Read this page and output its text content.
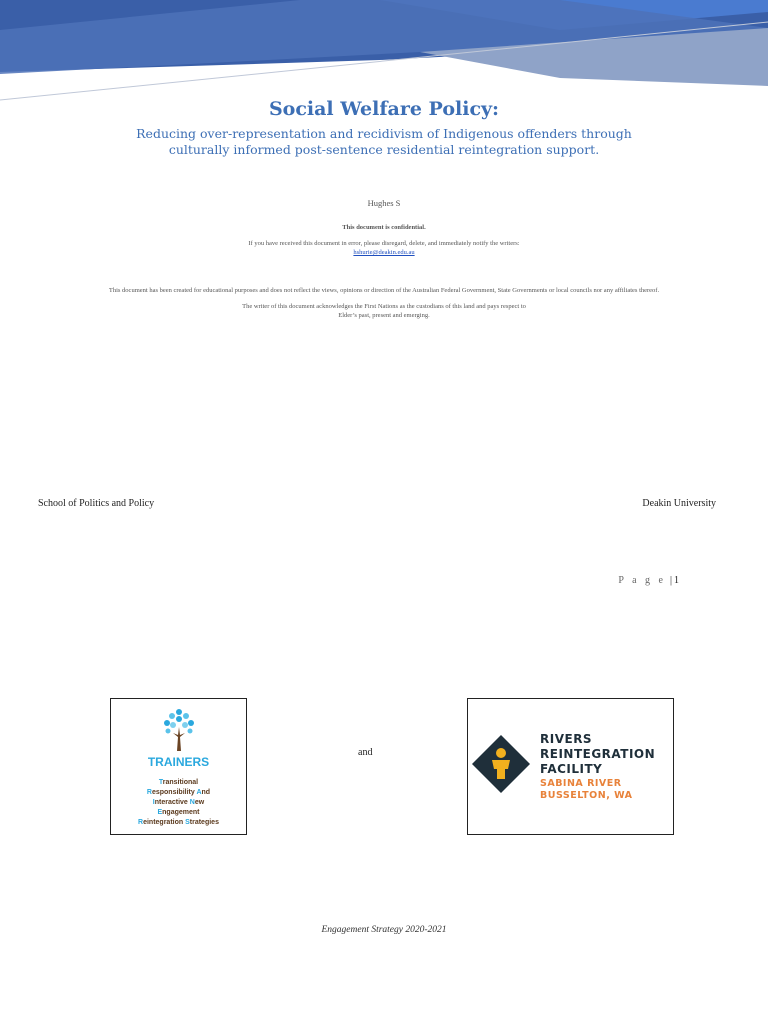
Social Welfare Policy:
Reducing over-representation and recidivism of Indigenous offenders through
culturally informed post-sentence residential reintegration support.
Hughes S
This document is confidential.
If you have received this document in error, please disregard, delete, and immediately notify the writers:
hshurie@deakin.edu.au
This document has been created for educational purposes and does not reflect the views, opinions or direction of the Australian Federal Government, State Governments or local councils nor any affiliates thereof.
The writer of this document acknowledges the First Nations as the custodians of this land and pays respect to
Elder’s past, present and emerging.
School of Politics and Policy	Deakin University
P a g e | 1
TRAINERS
Transitional
Responsibility And
Interactive New
Engagement
Reintegration Strategies
and
RIVERS
REINTEGRATION
FACILITY
SABINA RIVER
BUSSELTON, WA
Engagement Strategy 2020-2021
